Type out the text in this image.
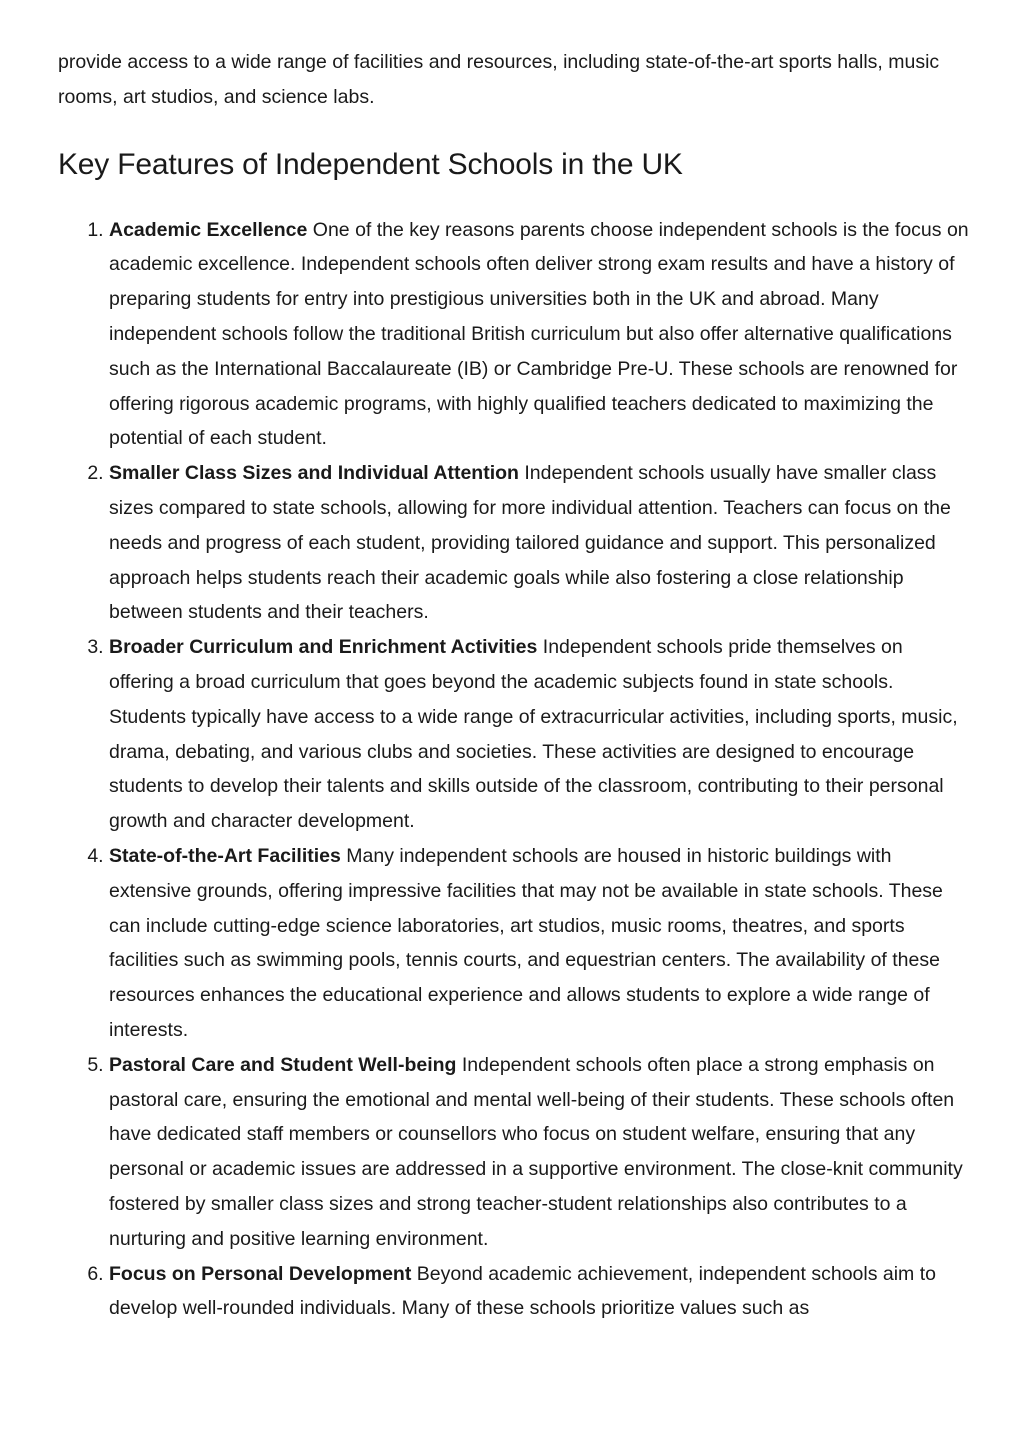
provide access to a wide range of facilities and resources, including state-of-the-art sports halls, music rooms, art studios, and science labs.

Key Features of Independent Schools in the UK
1. Academic Excellence One of the key reasons parents choose independent schools is the focus on academic excellence. Independent schools often deliver strong exam results and have a history of preparing students for entry into prestigious universities both in the UK and abroad. Many independent schools follow the traditional British curriculum but also offer alternative qualifications such as the International Baccalaureate (IB) or Cambridge Pre-U. These schools are renowned for offering rigorous academic programs, with highly qualified teachers dedicated to maximizing the potential of each student.
2. Smaller Class Sizes and Individual Attention Independent schools usually have smaller class sizes compared to state schools, allowing for more individual attention. Teachers can focus on the needs and progress of each student, providing tailored guidance and support. This personalized approach helps students reach their academic goals while also fostering a close relationship between students and their teachers.
3. Broader Curriculum and Enrichment Activities Independent schools pride themselves on offering a broad curriculum that goes beyond the academic subjects found in state schools. Students typically have access to a wide range of extracurricular activities, including sports, music, drama, debating, and various clubs and societies. These activities are designed to encourage students to develop their talents and skills outside of the classroom, contributing to their personal growth and character development.
4. State-of-the-Art Facilities Many independent schools are housed in historic buildings with extensive grounds, offering impressive facilities that may not be available in state schools. These can include cutting-edge science laboratories, art studios, music rooms, theatres, and sports facilities such as swimming pools, tennis courts, and equestrian centers. The availability of these resources enhances the educational experience and allows students to explore a wide range of interests.
5. Pastoral Care and Student Well-being Independent schools often place a strong emphasis on pastoral care, ensuring the emotional and mental well-being of their students. These schools often have dedicated staff members or counsellors who focus on student welfare, ensuring that any personal or academic issues are addressed in a supportive environment. The close-knit community fostered by smaller class sizes and strong teacher-student relationships also contributes to a nurturing and positive learning environment.
6. Focus on Personal Development Beyond academic achievement, independent schools aim to develop well-rounded individuals. Many of these schools prioritize values such as
